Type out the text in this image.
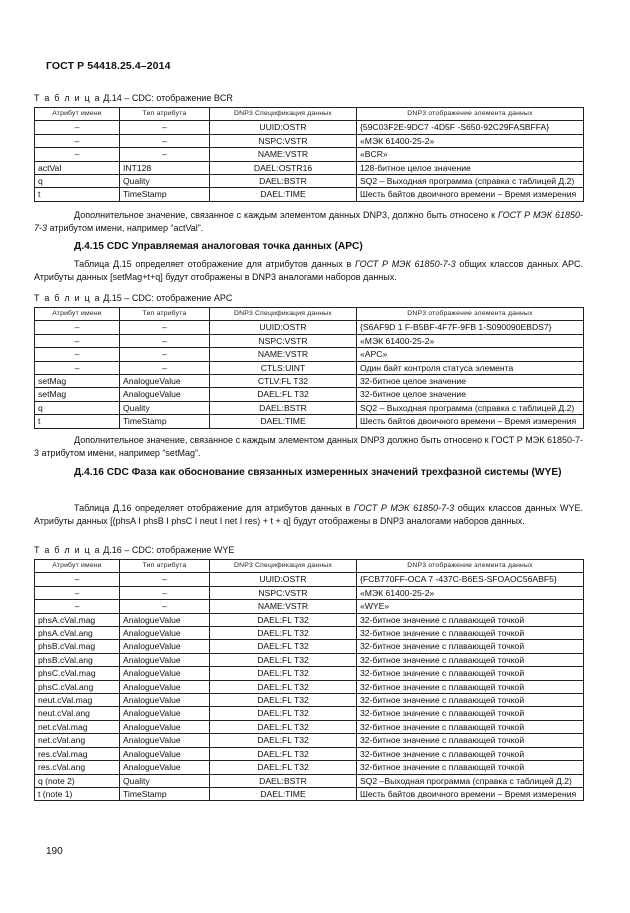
ГОСТ Р 54418.25.4–2014
Т а б л и ц а Д.14 – CDC: отображение BCR
Атрибут имени	Тип атрибута	DNP3 Спецификация данных	DNP3 отображение элемента данных
–	–	UUID:OSTR	{59C03F2E-9DC7 -4D5F -S650-92C29FASBFFA}
–	–	NSPC:VSTR	«МЭК 61400-25-2»
–	–	NAME:VSTR	«BCR»
actVal	INT128	DAEL:OSTR16	128-битное целое значение
q	Quality	DAEL:BSTR	SQ2 – Выходная программа (справка с таблицей Д.2)
t	TimeStamp	DAEL:TIME	Шесть байтов двоичного времени – Время измерения
Дополнительное значение, связанное с каждым элементом данных DNP3, должно быть относено к ГОСТ Р МЭК 61850-7-3 атрибутом имени, например “actVal”.
Д.4.15 CDC Управляемая аналоговая точка данных (APC)
Таблица Д.15 определяет отображение для атрибутов данных в ГОСТ Р МЭК 61850-7-3 общих классов данных APC. Атрибуты данных [setMag+t+q] будут отображены в DNP3 аналогами наборов данных.
Т а б л и ц а Д.15 – CDC: отображение APC
Атрибут имени	Тип атрибута	DNP3 Спецификация данных	DNP3 отображение элемента данных
–	–	UUID:OSTR	{S6AF9D 1 F-B5BF-4F7F-9FB 1-S090090EBDS7}
–	–	NSPC:VSTR	«МЭК 61400-25-2»
–	–	NAME:VSTR	«APC»
–	–	CTLS:UINT	Один байт контроля статуса элемента
setMag	AnalogueValue	CTLV:FL T32	32-битное целое значение
setMag	AnalogueValue	DAEL:FL T32	32-битное целое значение
q	Quality	DAEL:BSTR	SQ2 – Выходная программа (справка с таблицей Д.2)
t	TimeStamp	DAEL:TIME	Шесть байтов двоичного времени – Время измерения
Дополнительное значение, связанное с каждым элементом данных DNP3 должно быть относено к ГОСТ Р МЭК 61850-7-3 атрибутом имени, например “setMag”.
Д.4.16 CDC Фаза как обоснование связанных измеренных значений трехфазной системы (WYE)
Таблица Д.16 определяет отображение для атрибутов данных в ГОСТ Р МЭК 61850-7-3 общих классов данных WYE. Атрибуты данных [(phsA I phsB I phsC I neut I net I res) + t + q] будут отображены в DNP3 аналогами наборов данных.
Т а б л и ц а Д.16 – CDC: отображение WYE
Атрибут имени	Тип атрибута	DNP3 Спецификация данных	DNP3 отображение элемента данных
–	–	UUID:OSTR	{FCB770FF-OCA 7 -437C-B6ES-SFOAOC56ABF5}
–	–	NSPC:VSTR	«МЭК 61400-25-2»
–	–	NAME:VSTR	«WYE»
phsA.cVal.mag	AnalogueValue	DAEL:FL T32	32-битное значение с плавающей точкой
phsA.cVal.ang	AnalogueValue	DAEL:FL T32	32-битное значение с плавающей точкой
phsB.cVal.mag	AnalogueValue	DAEL:FL T32	32-битное значение с плавающей точкой
phsB.cVal.ang	AnalogueValue	DAEL:FL T32	32-битное значение с плавающей точкой
phsC.cVal.mag	AnalogueValue	DAEL:FL T32	32-битное значение с плавающей точкой
phsC.cVal.ang	AnalogueValue	DAEL:FL T32	32-битное значение с плавающей точкой
neut.cVal.mag	AnalogueValue	DAEL:FL T32	32-битное значение с плавающей точкой
neut.cVal.ang	AnalogueValue	DAEL:FL T32	32-битное значение с плавающей точкой
net.cVal.mag	AnalogueValue	DAEL:FL T32	32-битное значение с плавающей точкой
net.cVal.ang	AnalogueValue	DAEL:FL T32	32-битное значение с плавающей точкой
res.cVal.mag	AnalogueValue	DAEL:FL T32	32-битное значение с плавающей точкой
res.cVal.ang	AnalogueValue	DAEL:FL T32	32-битное значение с плавающей точкой
q (note 2)	Quality	DAEL:BSTR	SQ2 –Выходная программа (справка с таблицей Д.2)
t (note 1)	TimeStamp	DAEL:TIME	Шесть байтов двоичного времени – Время измерения
190
